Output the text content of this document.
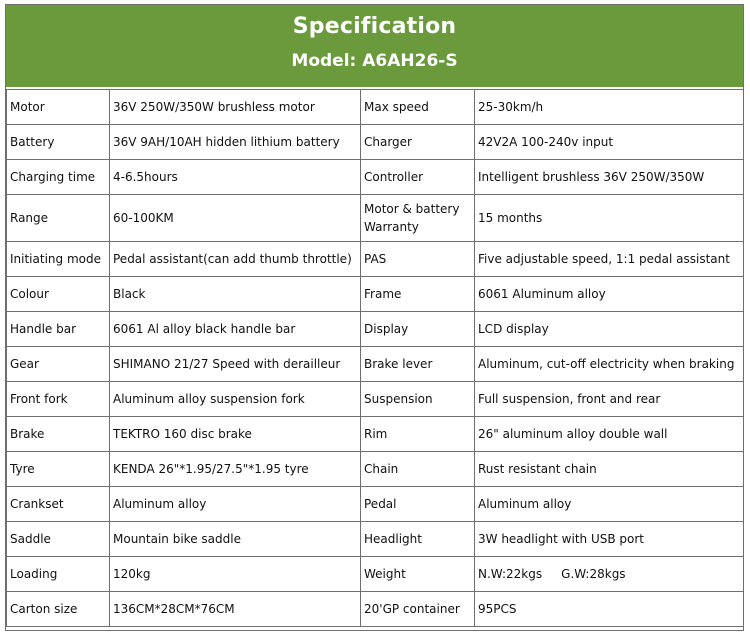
Specification
Model: A6AH26-S
Motor	36V 250W/350W brushless motor	Max speed	25-30km/h
Battery	36V 9AH/10AH hidden lithium battery	Charger	42V2A 100-240v input
Charging time	4-6.5hours	Controller	Intelligent brushless 36V 250W/350W
Range	60-100KM	Motor & battery Warranty	15 months
Initiating mode	Pedal assistant(can add thumb throttle)	PAS	Five adjustable speed, 1:1 pedal assistant
Colour	Black	Frame	6061 Aluminum alloy
Handle bar	6061 Al alloy black handle bar	Display	LCD display
Gear	SHIMANO 21/27 Speed with derailleur	Brake lever	Aluminum, cut-off electricity when braking
Front fork	Aluminum alloy suspension fork	Suspension	Full suspension, front and rear
Brake	TEKTRO 160 disc brake	Rim	26" aluminum alloy double wall
Tyre	KENDA 26"*1.95/27.5"*1.95 tyre	Chain	Rust resistant chain
Crankset	Aluminum alloy	Pedal	Aluminum alloy
Saddle	Mountain bike saddle	Headlight	3W headlight with USB port
Loading	120kg	Weight	N.W:22kgs     G.W:28kgs
Carton size	136CM*28CM*76CM	20'GP container	95PCS
